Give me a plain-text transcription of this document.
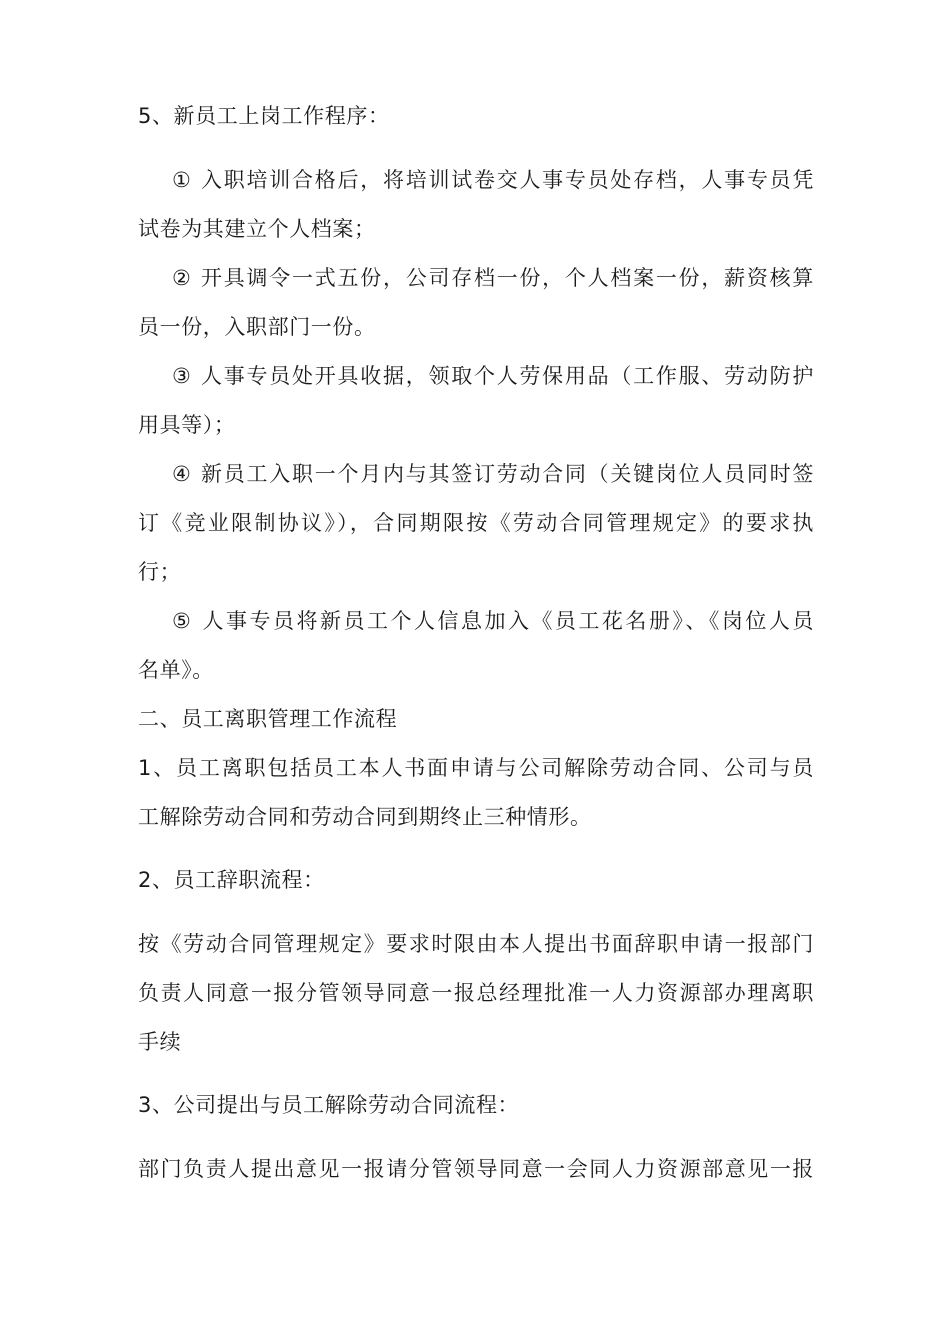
5、新员工上岗工作程序：
① 入职培训合格后，将培训试卷交人事专员处存档，人事专员凭
试卷为其建立个人档案；
② 开具调令一式五份，公司存档一份，个人档案一份，薪资核算
员一份，入职部门一份。
③ 人事专员处开具收据，领取个人劳保用品（工作服、劳动防护
用具等）；
④ 新员工入职一个月内与其签订劳动合同（关键岗位人员同时签
订《竞业限制协议》），合同期限按《劳动合同管理规定》的要求执
行；
⑤ 人事专员将新员工个人信息加入《员工花名册》、《岗位人员
名单》。
二、员工离职管理工作流程
1、员工离职包括员工本人书面申请与公司解除劳动合同、公司与员
工解除劳动合同和劳动合同到期终止三种情形。
2、员工辞职流程：
按《劳动合同管理规定》要求时限由本人提出书面辞职申请一报部门
负责人同意一报分管领导同意一报总经理批准一人力资源部办理离职
手续
3、公司提出与员工解除劳动合同流程：
部门负责人提出意见一报请分管领导同意一会同人力资源部意见一报
